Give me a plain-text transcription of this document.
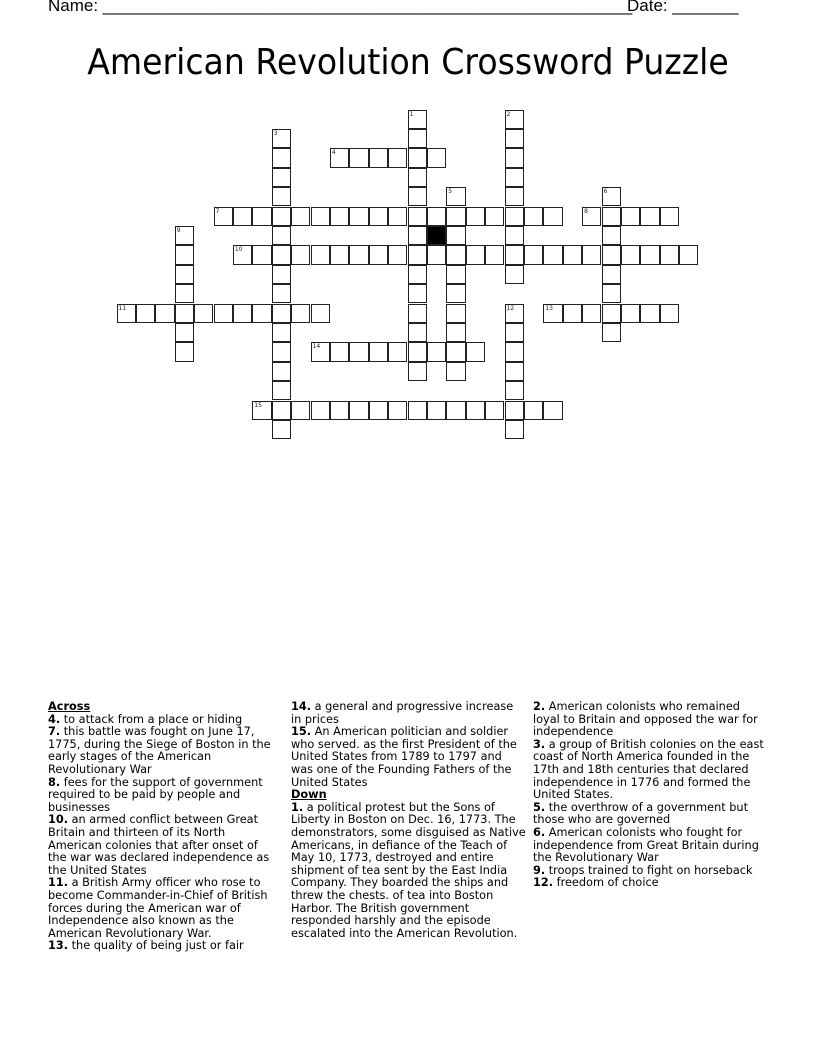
Name: ________________________________________________________
Date: _______
American Revolution Crossword Puzzle
1	2
3
4
5	6
7	8
9
10
11	12	13
14
15
Across
4. to attack from a place or hiding
7. this battle was fought on June 17, 1775, during the Siege of Boston in the early stages of the American Revolutionary War
8. fees for the support of government required to be paid by people and businesses
10. an armed conflict between Great Britain and thirteen of its North American colonies that after onset of the war was declared independence as the United States
11. a British Army officer who rose to become Commander-in-Chief of British forces during the American war of Independence also known as the American Revolutionary War.
13. the quality of being just or fair
14. a general and progressive increase in prices
15. An American politician and soldier who served. as the first President of the United States from 1789 to 1797 and was one of the Founding Fathers of the United States
Down
1. a political protest but the Sons of Liberty in Boston on Dec. 16, 1773. The demonstrators, some disguised as Native Americans, in defiance of the Teach of May 10, 1773, destroyed and entire shipment of tea sent by the East India Company. They boarded the ships and threw the chests. of tea into Boston Harbor. The British government responded harshly and the episode escalated into the American Revolution.
2. American colonists who remained loyal to Britain and opposed the war for independence
3. a group of British colonies on the east coast of North America founded in the 17th and 18th centuries that declared independence in 1776 and formed the United States.
5. the overthrow of a government but those who are governed
6. American colonists who fought for independence from Great Britain during the Revolutionary War
9. troops trained to fight on horseback
12. freedom of choice
